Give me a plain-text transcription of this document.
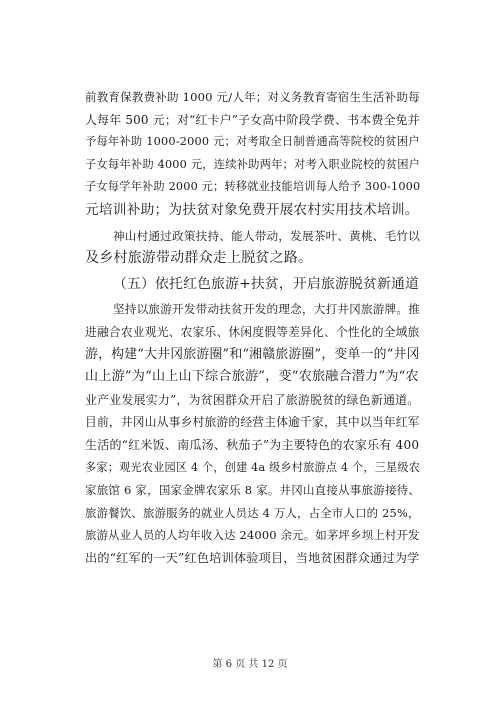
前教育保教费补助 1000 元/人年；对义务教育寄宿生生活补助每
人每年 500 元；对“红卡户”子女高中阶段学费、书本费全免并
予每年补助 1000-2000 元；对考取全日制普通高等院校的贫困户
子女每年补助 4000 元，连续补助两年；对考入职业院校的贫困户
子女每学年补助 2000 元；转移就业技能培训每人给予 300-1000
元培训补助；为扶贫对象免费开展农村实用技术培训。

神山村通过政策扶持、能人带动，发展茶叶、黄桃、毛竹以
及乡村旅游带动群众走上脱贫之路。

（五）依托红色旅游+扶贫，开启旅游脱贫新通道

坚持以旅游开发带动扶贫开发的理念，大打井冈旅游牌。推
进融合农业观光、农家乐、休闲度假等差异化、个性化的全域旅
游，构建“大井冈旅游圈”和“湘赣旅游圈”，变单一的“井冈
山上游”为“山上山下综合旅游”，变“农旅融合潜力”为“农
业产业发展实力”，为贫困群众开启了旅游脱贫的绿色新通道。
目前，井冈山从事乡村旅游的经营主体逾千家，其中以当年红军
生活的“红米饭、南瓜汤、秋茄子”为主要特色的农家乐有 400
多家；观光农业园区 4 个，创建 4a 级乡村旅游点 4 个，三星级农
家旅馆 6 家，国家金牌农家乐 8 家。井冈山直接从事旅游接待、
旅游餐饮、旅游服务的就业人员达 4 万人，占全市人口的 25%，
旅游从业人员的人均年收入达 24000 余元。如茅坪乡坝上村开发
出的“红军的一天”红色培训体验项目，当地贫困群众通过为学

第 6 页 共 12 页
